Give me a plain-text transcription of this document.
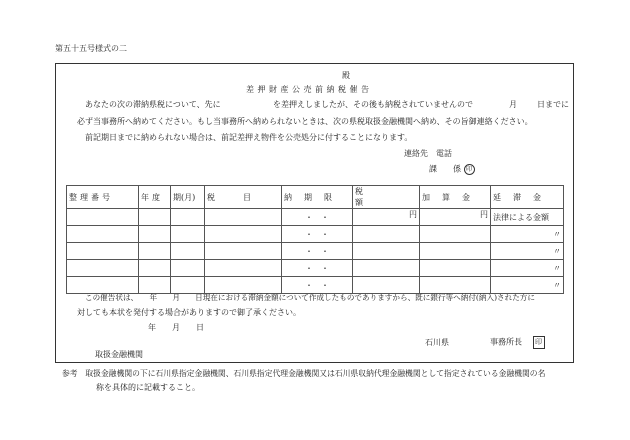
第五十五号様式の二
殿
差押財産公売前納税催告
あなたの次の滞納県税について、先に	を差押えしましたが、その後も納税されていませんので	月	日までに
必ず当事務所へ納めてください。もし当事務所へ納められないときは、次の県税取扱金融機関へ納め、その旨御連絡ください。
前記期日までに納められない場合は、前記差押え物件を公売処分に付することになります。
連絡先　電話
課　　係 印
整理番号	年度	期(月)	税目	納期限	税額	加算金	延滞金
				・　・	円	円	法律による金額
				・　・			〃
				・　・			〃
				・　・			〃
				・　・			〃
この催告状は、　　年　　月　　日現在における滞納金額について作成したものでありますから、既に銀行等へ納付(納入)された方に
対しても本状を発付する場合がありますので御了承ください。
年　　月　　日
石川県	事務所長 印
取扱金融機関
参考　取扱金融機関の下に石川県指定金融機関、石川県指定代理金融機関又は石川県収納代理金融機関として指定されている金融機関の名
称を具体的に記載すること。
